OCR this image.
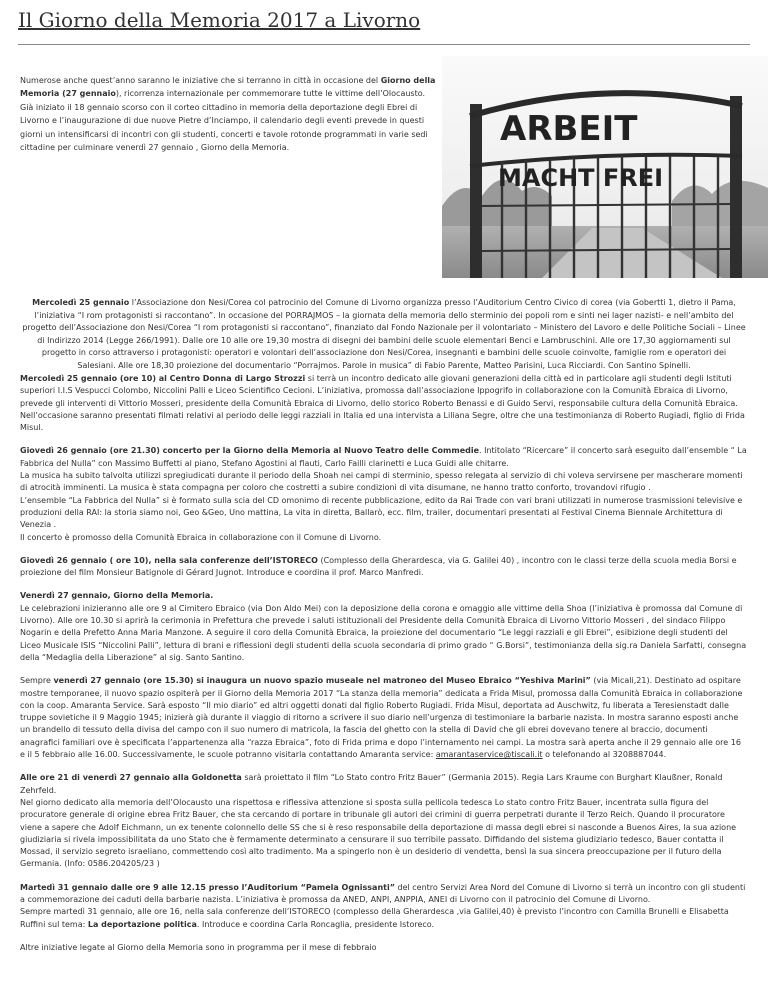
Il Giorno della Memoria 2017 a Livorno

Numerose anche quest’anno saranno le iniziative che si terranno in città in occasione del Giorno della

Memoria (27 gennaio), ricorrenza internazionale per commemorare tutte le vittime dell’Olocausto.

Già iniziato il 18 gennaio scorso con il corteo cittadino in memoria della deportazione degli Ebrei di

Livorno e l’inaugurazione di due nuove Pietre d’Inciampo, il calendario degli eventi prevede in questi

giorni un intensificarsi di incontri con gli studenti, concerti e tavole rotonde programmati in varie sedi

cittadine per culminare venerdì 27 gennaio , Giorno della Memoria.	ARBEIT
MACHT FREI

Mercoledì 25 gennaio l’Associazione don Nesi/Corea col patrocinio del Comune di Livorno organizza presso l’Auditorium Centro Civico di corea (via Gobertti 1, dietro il Pama, l’iniziativa “I rom protagonisti si raccontano”. In occasione del PORRAJMOS – la giornata della memoria dello sterminio dei popoli rom e sinti nei lager nazisti- e nell’ambito del progetto dell’Associazione don Nesi/Corea “I rom protagonisti si raccontano”, finanziato dal Fondo Nazionale per il volontariato – Ministero del Lavoro e delle Politiche Sociali – Linee di Indirizzo 2014 (Legge 266/1991). Dalle ore 10 alle ore 19,30 mostra di disegni dei bambini delle scuole elementari Benci e Lambruschini. Alle ore 17,30 aggiornamenti sul progetto in corso attraverso i protagonisti: operatori e volontari dell’associazione don Nesi/Corea, insegnanti e bambini delle scuole coinvolte, famiglie rom e operatori dei Salesiani. Alle ore 18,30 proiezione del documentario “Porrajmos. Parole in musica” di Fabio Parente, Matteo Parisini, Luca Ricciardi. Con Santino Spinelli.

Mercoledì 25 gennaio (ore 10) al Centro Donna di Largo Strozzi si terrà un incontro dedicato alle giovani generazioni della città ed in particolare agli studenti degli Istituti superiori I.I.S Vespucci Colombo, Niccolini Palli e Liceo Scientifico Cecioni. L’iniziativa, promossa dall’associazione Ippogrifo in collaborazione con la Comunità Ebraica di Livorno, prevede gli interventi di Vittorio Mosseri, presidente della Comunità Ebraica di Livorno, dello storico Roberto Benassi e di Guido Servi, responsabile cultura della Comunità Ebraica. Nell’occasione saranno presentati filmati relativi al periodo delle leggi razziali in Italia ed una intervista a Liliana Segre, oltre che una testimonianza di Roberto Rugiadi, figlio di Frida Misul.

Giovedì 26 gennaio (ore 21.30) concerto per la Giorno della Memoria al Nuovo Teatro delle Commedie. Intitolato “Ricercare” il concerto sarà eseguito dall’ensemble “ La Fabbrica del Nulla” con Massimo Buffetti al piano, Stefano Agostini al flauti, Carlo Failli clarinetti e Luca Guidi alle chitarre.
La musica ha subito talvolta utilizzi spregiudicati durante il periodo della Shoah nei campi di sterminio, spesso relegata al servizio di chi voleva servirsene per mascherare momenti di atrocità imminenti. La musica è stata compagna per coloro che costretti a subire condizioni di vita disumane, ne hanno tratto conforto, trovandovi rifugio .
L’ensemble “La Fabbrica del Nulla” si è formato sulla scia del CD omonimo di recente pubblicazione, edito da Rai Trade con vari brani utilizzati in numerose trasmissioni televisive e produzioni della RAI: la storia siamo noi, Geo &Geo, Uno mattina, La vita in diretta, Ballarò, ecc. film, trailer, documentari presentati al Festival Cinema Biennale Architettura di Venezia .
Il concerto è promosso della Comunità Ebraica in collaborazione con il Comune di Livorno.

Giovedì 26 gennaio ( ore 10), nella sala conferenze dell’ISTORECO (Complesso della Gherardesca, via G. Galilei 40) , incontro con le classi terze della scuola media Borsi e proiezione del film Monsieur Batignole di Gérard Jugnot. Introduce e coordina il prof. Marco Manfredi.

Venerdì 27 gennaio, Giorno della Memoria.
Le celebrazioni inizieranno alle ore 9 al Cimitero Ebraico (via Don Aldo Mei) con la deposizione della corona e omaggio alle vittime della Shoa (l’iniziativa è promossa dal Comune di Livorno). Alle ore 10.30 si aprirà la cerimonia in Prefettura che prevede i saluti istituzionali del Presidente della Comunità Ebraica di Livorno Vittorio Mosseri , del sindaco Filippo Nogarin e della Prefetto Anna Maria Manzone. A seguire il coro della Comunità Ebraica, la proiezione del documentario “Le leggi razziali e gli Ebrei”, esibizione degli studenti del Liceo Musicale ISIS “Niccolini Palli”, lettura di brani e riflessioni degli studenti della scuola secondaria di primo grado “ G.Borsi”, testimonianza della sig.ra Daniela Sarfatti, consegna della “Medaglia della Liberazione” al sig. Santo Santino.

Sempre venerdì 27 gennaio (ore 15.30) si inaugura un nuovo spazio museale nel matroneo del Museo Ebraico “Yeshiva Marini” (via Micali,21). Destinato ad ospitare mostre temporanee, il nuovo spazio ospiterà per il Giorno della Memoria 2017 “La stanza della memoria” dedicata a Frida Misul, promossa dalla Comunità Ebraica in collaborazione con la coop. Amaranta Service. Sarà esposto “Il mio diario” ed altri oggetti donati dal figlio Roberto Rugiadi. Frida Misul, deportata ad Auschwitz, fu liberata a Teresienstadt dalle truppe sovietiche il 9 Maggio 1945; inizierà già durante il viaggio di ritorno a scrivere il suo diario nell’urgenza di testimoniare la barbarie nazista. In mostra saranno esposti anche un brandello di tessuto della divisa del campo con il suo numero di matricola, la fascia del ghetto con la stella di David che gli ebrei dovevano tenere al braccio, documenti anagrafici familiari ove è specificata l’appartenenza alla “razza Ebraica”, foto di Frida prima e dopo l’internamento nei campi. La mostra sarà aperta anche il 29 gennaio alle ore 16 e il 5 febbraio alle 16.00. Successivamente, le scuole potranno visitarla contattando Amaranta service: amarantaservice@tiscali.it o telefonando al 3208887044.

Alle ore 21 di venerdì 27 gennaio alla Goldonetta sarà proiettato il film “Lo Stato contro Fritz Bauer” (Germania 2015). Regia Lars Kraume con Burghart Klaußner, Ronald Zehrfeld.
Nel giorno dedicato alla memoria dell’Olocausto una rispettosa e riflessiva attenzione si sposta sulla pellicola tedesca Lo stato contro Fritz Bauer, incentrata sulla figura del procuratore generale di origine ebrea Fritz Bauer, che sta cercando di portare in tribunale gli autori dei crimini di guerra perpetrati durante il Terzo Reich. Quando il procuratore viene a sapere che Adolf Eichmann, un ex tenente colonnello delle SS che si è reso responsabile della deportazione di massa degli ebrei si nasconde a Buenos Aires, la sua azione giudiziaria si rivela impossibilitata da uno Stato che è fermamente determinato a censurare il suo terribile passato. Diffidando del sistema giudiziario tedesco, Bauer contatta il Mossad, il servizio segreto israeliano, commettendo così alto tradimento. Ma a spingerlo non è un desiderio di vendetta, bensì la sua sincera preoccupazione per il futuro della Germania. (Info: 0586.204205/23 )

Martedì 31 gennaio dalle ore 9 alle 12.15 presso l’Auditorium “Pamela Ognissanti” del centro Servizi Area Nord del Comune di Livorno si terrà un incontro con gli studenti a commemorazione dei caduti della barbarie nazista. L’iniziativa è promossa da ANED, ANPI, ANPPIA, ANEI di Livorno con il patrocinio del Comune di Livorno.
Sempre martedì 31 gennaio, alle ore 16, nella sala conferenze dell’ISTORECO (complesso della Gherardesca ,via Galilei,40) è previsto l’incontro con Camilla Brunelli e Elisabetta Ruffini sul tema: La deportazione politica. Introduce e coordina Carla Roncaglia, presidente Istoreco.

Altre iniziative legate al Giorno della Memoria sono in programma per il mese di febbraio
